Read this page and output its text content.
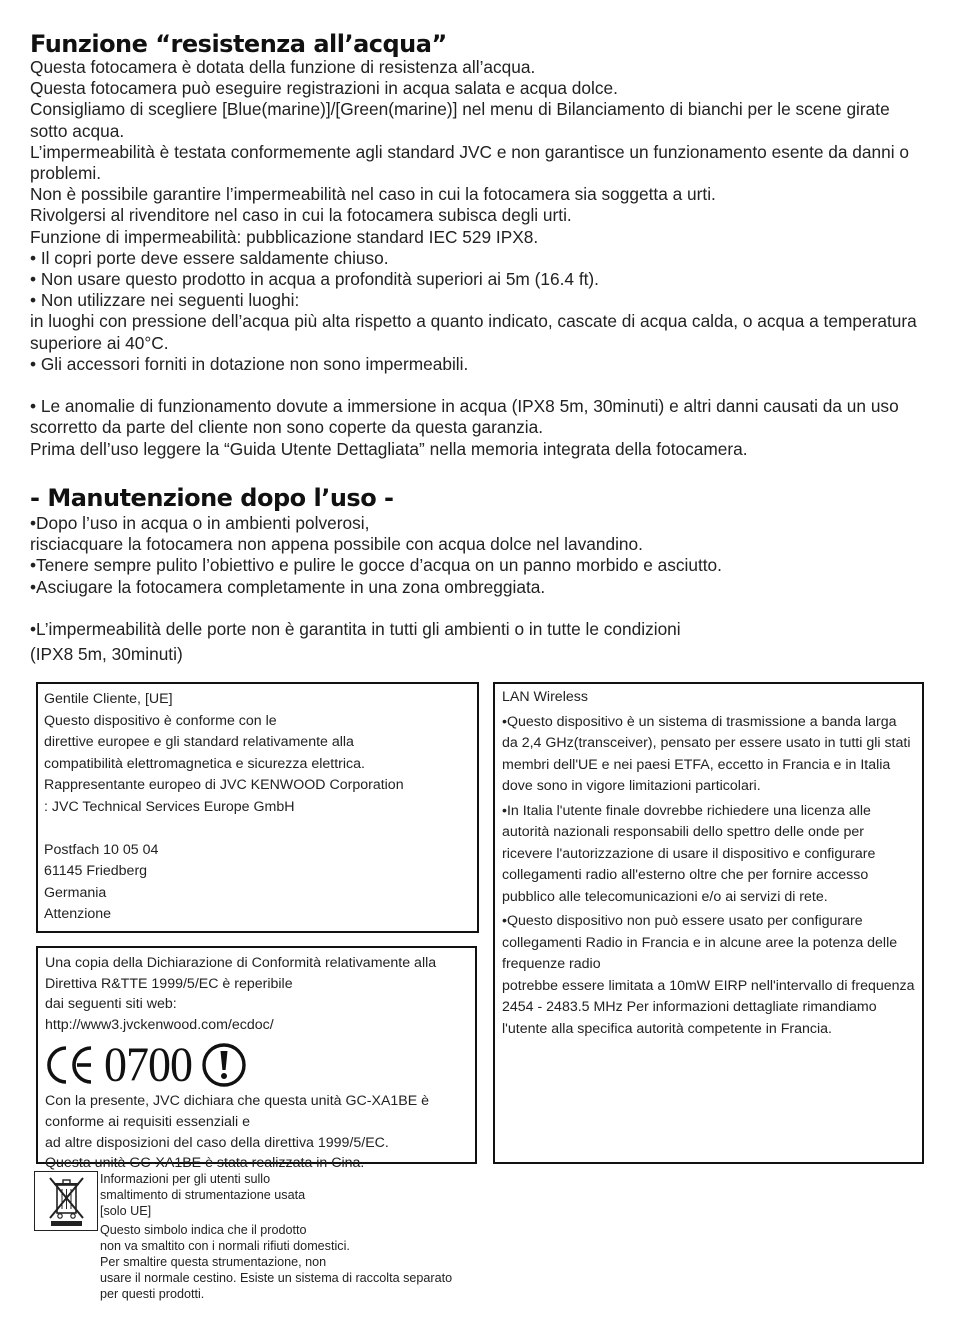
Funzione “resistenza all’acqua”

Questa fotocamera è dotata della funzione di resistenza all’acqua.

Questa fotocamera può eseguire registrazioni in acqua salata e acqua dolce.

Consigliamo di scegliere [Blue(marine)]/[Green(marine)] nel menu di Bilanciamento di bianchi per le scene girate sotto acqua.

L’impermeabilità è testata conformemente agli standard JVC e non garantisce un funzionamento esente da danni o problemi.

Non è possibile garantire l’impermeabilità nel caso in cui la fotocamera sia soggetta a urti.

Rivolgersi al rivenditore nel caso in cui la fotocamera subisca degli urti.

Funzione di impermeabilità: pubblicazione standard IEC 529 IPX8.

• Il copri porte deve essere saldamente chiuso.

• Non usare questo prodotto in acqua a profondità superiori ai 5m (16.4 ft).

• Non utilizzare nei seguenti luoghi:

in luoghi con pressione dell’acqua più alta rispetto a quanto indicato, cascate di acqua calda, o acqua a temperatura superiore ai 40°C.

• Gli accessori forniti in dotazione non sono impermeabili.

• Le anomalie di funzionamento dovute a immersione in acqua (IPX8 5m, 30minuti) e altri danni causati da un uso scorretto da parte del cliente non sono coperte da questa garanzia.

Prima dell’uso leggere la “Guida Utente Dettagliata” nella memoria integrata della fotocamera.

- Manutenzione dopo l’uso -

•Dopo l’uso in acqua o in ambienti polverosi,

risciacquare la fotocamera non appena possibile con acqua dolce nel lavandino.

•Tenere sempre pulito l’obiettivo e pulire le gocce d’acqua on un panno morbido e asciutto.

•Asciugare la fotocamera completamente in una zona ombreggiata.

•L’impermeabilità delle porte non è garantita in tutti gli ambienti o in tutte le condizioni

(IPX8 5m, 30minuti)

Gentile Cliente, [UE]

Questo dispositivo è conforme con le

direttive europee e gli standard relativamente alla

compatibilità elettromagnetica e sicurezza elettrica.

Rappresentante europeo di JVC KENWOOD Corporation

: JVC Technical Services Europe GmbH

Postfach 10 05 04

61145 Friedberg

Germania

Attenzione

Una copia della Dichiarazione di Conformità relativamente alla

Direttiva R&TTE 1999/5/EC è reperibile

dai seguenti siti web:

http://www3.jvckenwood.com/ecdoc/

0700

Con la presente, JVC dichiara che questa unità GC-XA1BE è conforme ai requisiti essenziali e

ad altre disposizioni del caso della direttiva 1999/5/EC.

Questa unità GC-XA1BE è stata realizzata in Cina.

LAN Wireless

•Questo dispositivo è un sistema di trasmissione a banda larga da 2,4 GHz(transceiver), pensato per essere usato in tutti gli stati membri dell'UE e nei paesi ETFA, eccetto in Francia e in Italia dove sono in vigore limitazioni particolari.

•In Italia l'utente finale dovrebbe richiedere una licenza alle autorità nazionali responsabili dello spettro delle onde per ricevere l'autorizzazione di usare il dispositivo e configurare collegamenti radio all'esterno oltre che per fornire accesso pubblico alle telecomunicazioni e/o ai servizi di rete.

•Questo dispositivo non può essere usato per configurare collegamenti Radio in Francia e in alcune aree la potenza delle frequenze radio

potrebbe essere limitata a 10mW EIRP nell'intervallo di frequenza

2454 - 2483.5 MHz Per informazioni dettagliate rimandiamo l'utente alla specifica autorità competente in Francia.

Informazioni per gli utenti sullo

smaltimento di strumentazione usata

[solo UE]

Questo simbolo indica che il prodotto

non va smaltito con i normali rifiuti domestici.

Per smaltire questa strumentazione, non

usare il normale cestino. Esiste un sistema di raccolta separato

per questi prodotti.
